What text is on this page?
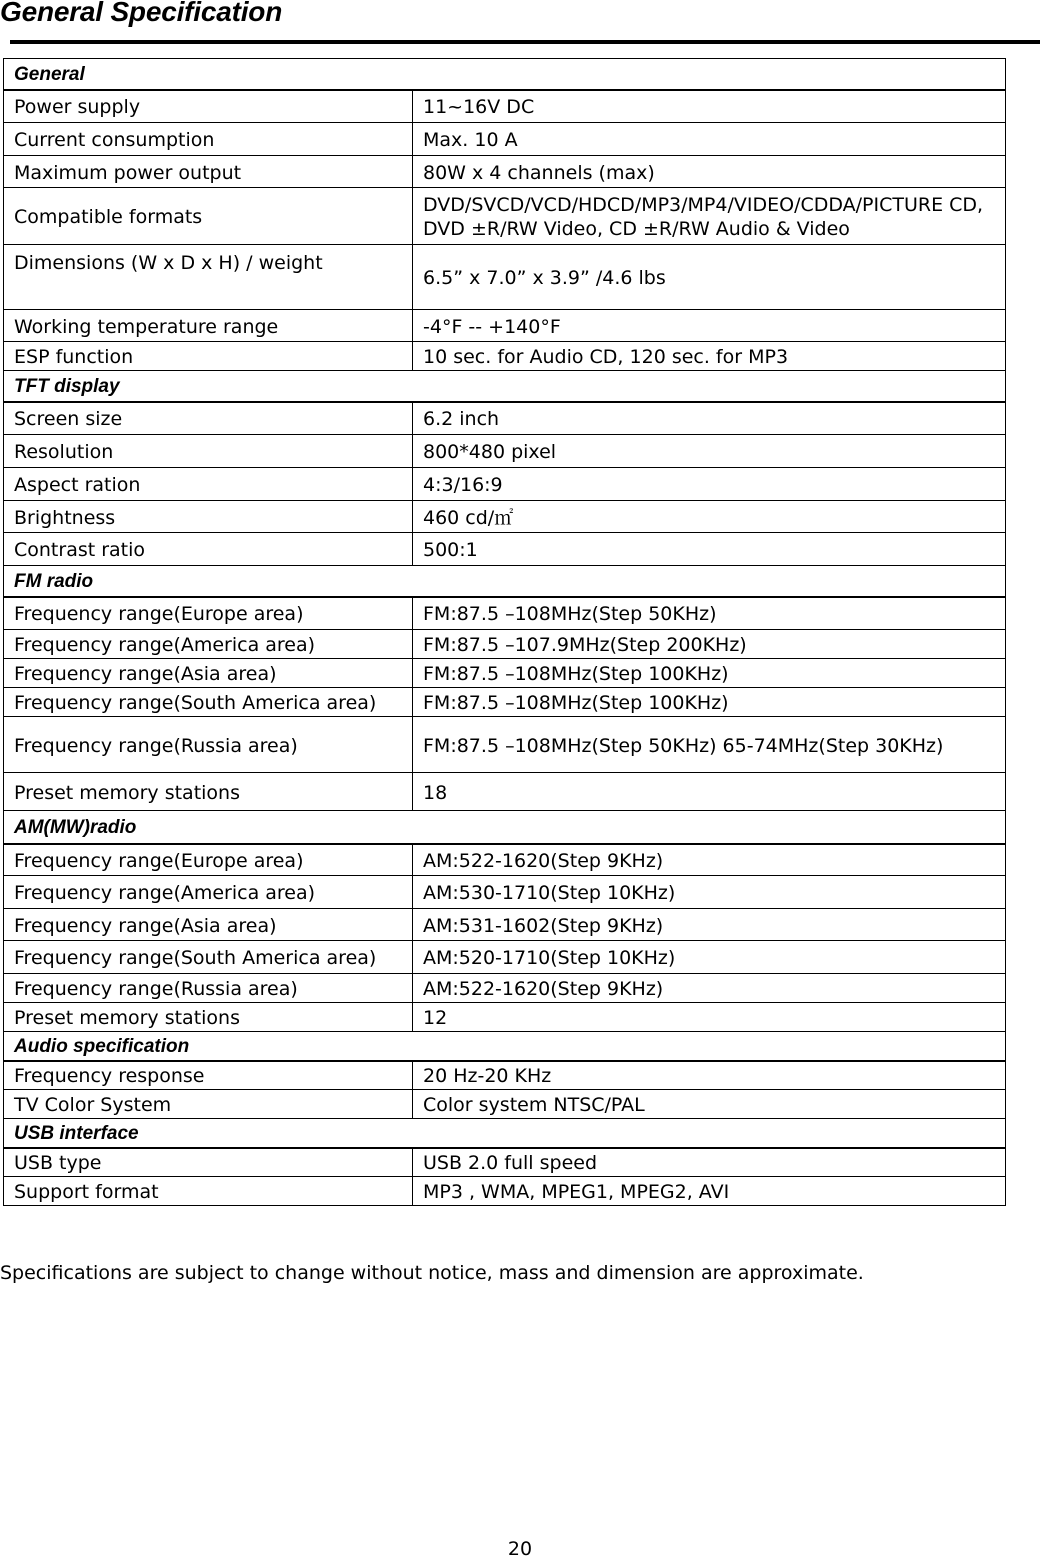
General Specification
General	
Power supply	11~16V DC
Current consumption	Max. 10 A
Maximum power output	80W x 4 channels (max)
Compatible formats	DVD/SVCD/VCD/HDCD/MP3/MP4/VIDEO/CDDA/PICTURE CD, DVD ±R/RW Video, CD ±R/RW Audio & Video
Dimensions (W x D x H) / weight	6.5” x 7.0” x 3.9” /4.6 lbs
Working temperature range	-4°F -- +140°F
ESP function	10 sec. for Audio CD, 120 sec. for MP3
TFT display	
Screen size	6.2 inch
Resolution	800*480 pixel
Aspect ration	4:3/16:9
Brightness	460 cd/㎡
Contrast ratio	500:1
FM radio	
Frequency range(Europe area)	FM:87.5 –108MHz(Step 50KHz)
Frequency range(America area)	FM:87.5 –107.9MHz(Step 200KHz)
Frequency range(Asia area)	FM:87.5 –108MHz(Step 100KHz)
Frequency range(South America area)	FM:87.5 –108MHz(Step 100KHz)
Frequency range(Russia area)	FM:87.5 –108MHz(Step 50KHz) 65-74MHz(Step 30KHz)
Preset memory stations	18
AM(MW)radio	
Frequency range(Europe area)	AM:522-1620(Step 9KHz)
Frequency range(America area)	AM:530-1710(Step 10KHz)
Frequency range(Asia area)	AM:531-1602(Step 9KHz)
Frequency range(South America area)	AM:520-1710(Step 10KHz)
Frequency range(Russia area)	AM:522-1620(Step 9KHz)
Preset memory stations	12
Audio specification	
Frequency response	20 Hz-20 KHz
TV Color System	Color system NTSC/PAL
USB interface	
USB type	USB 2.0 full speed
Support format	MP3 , WMA, MPEG1, MPEG2, AVI

Specifications are subject to change without notice, mass and dimension are approximate.

20
